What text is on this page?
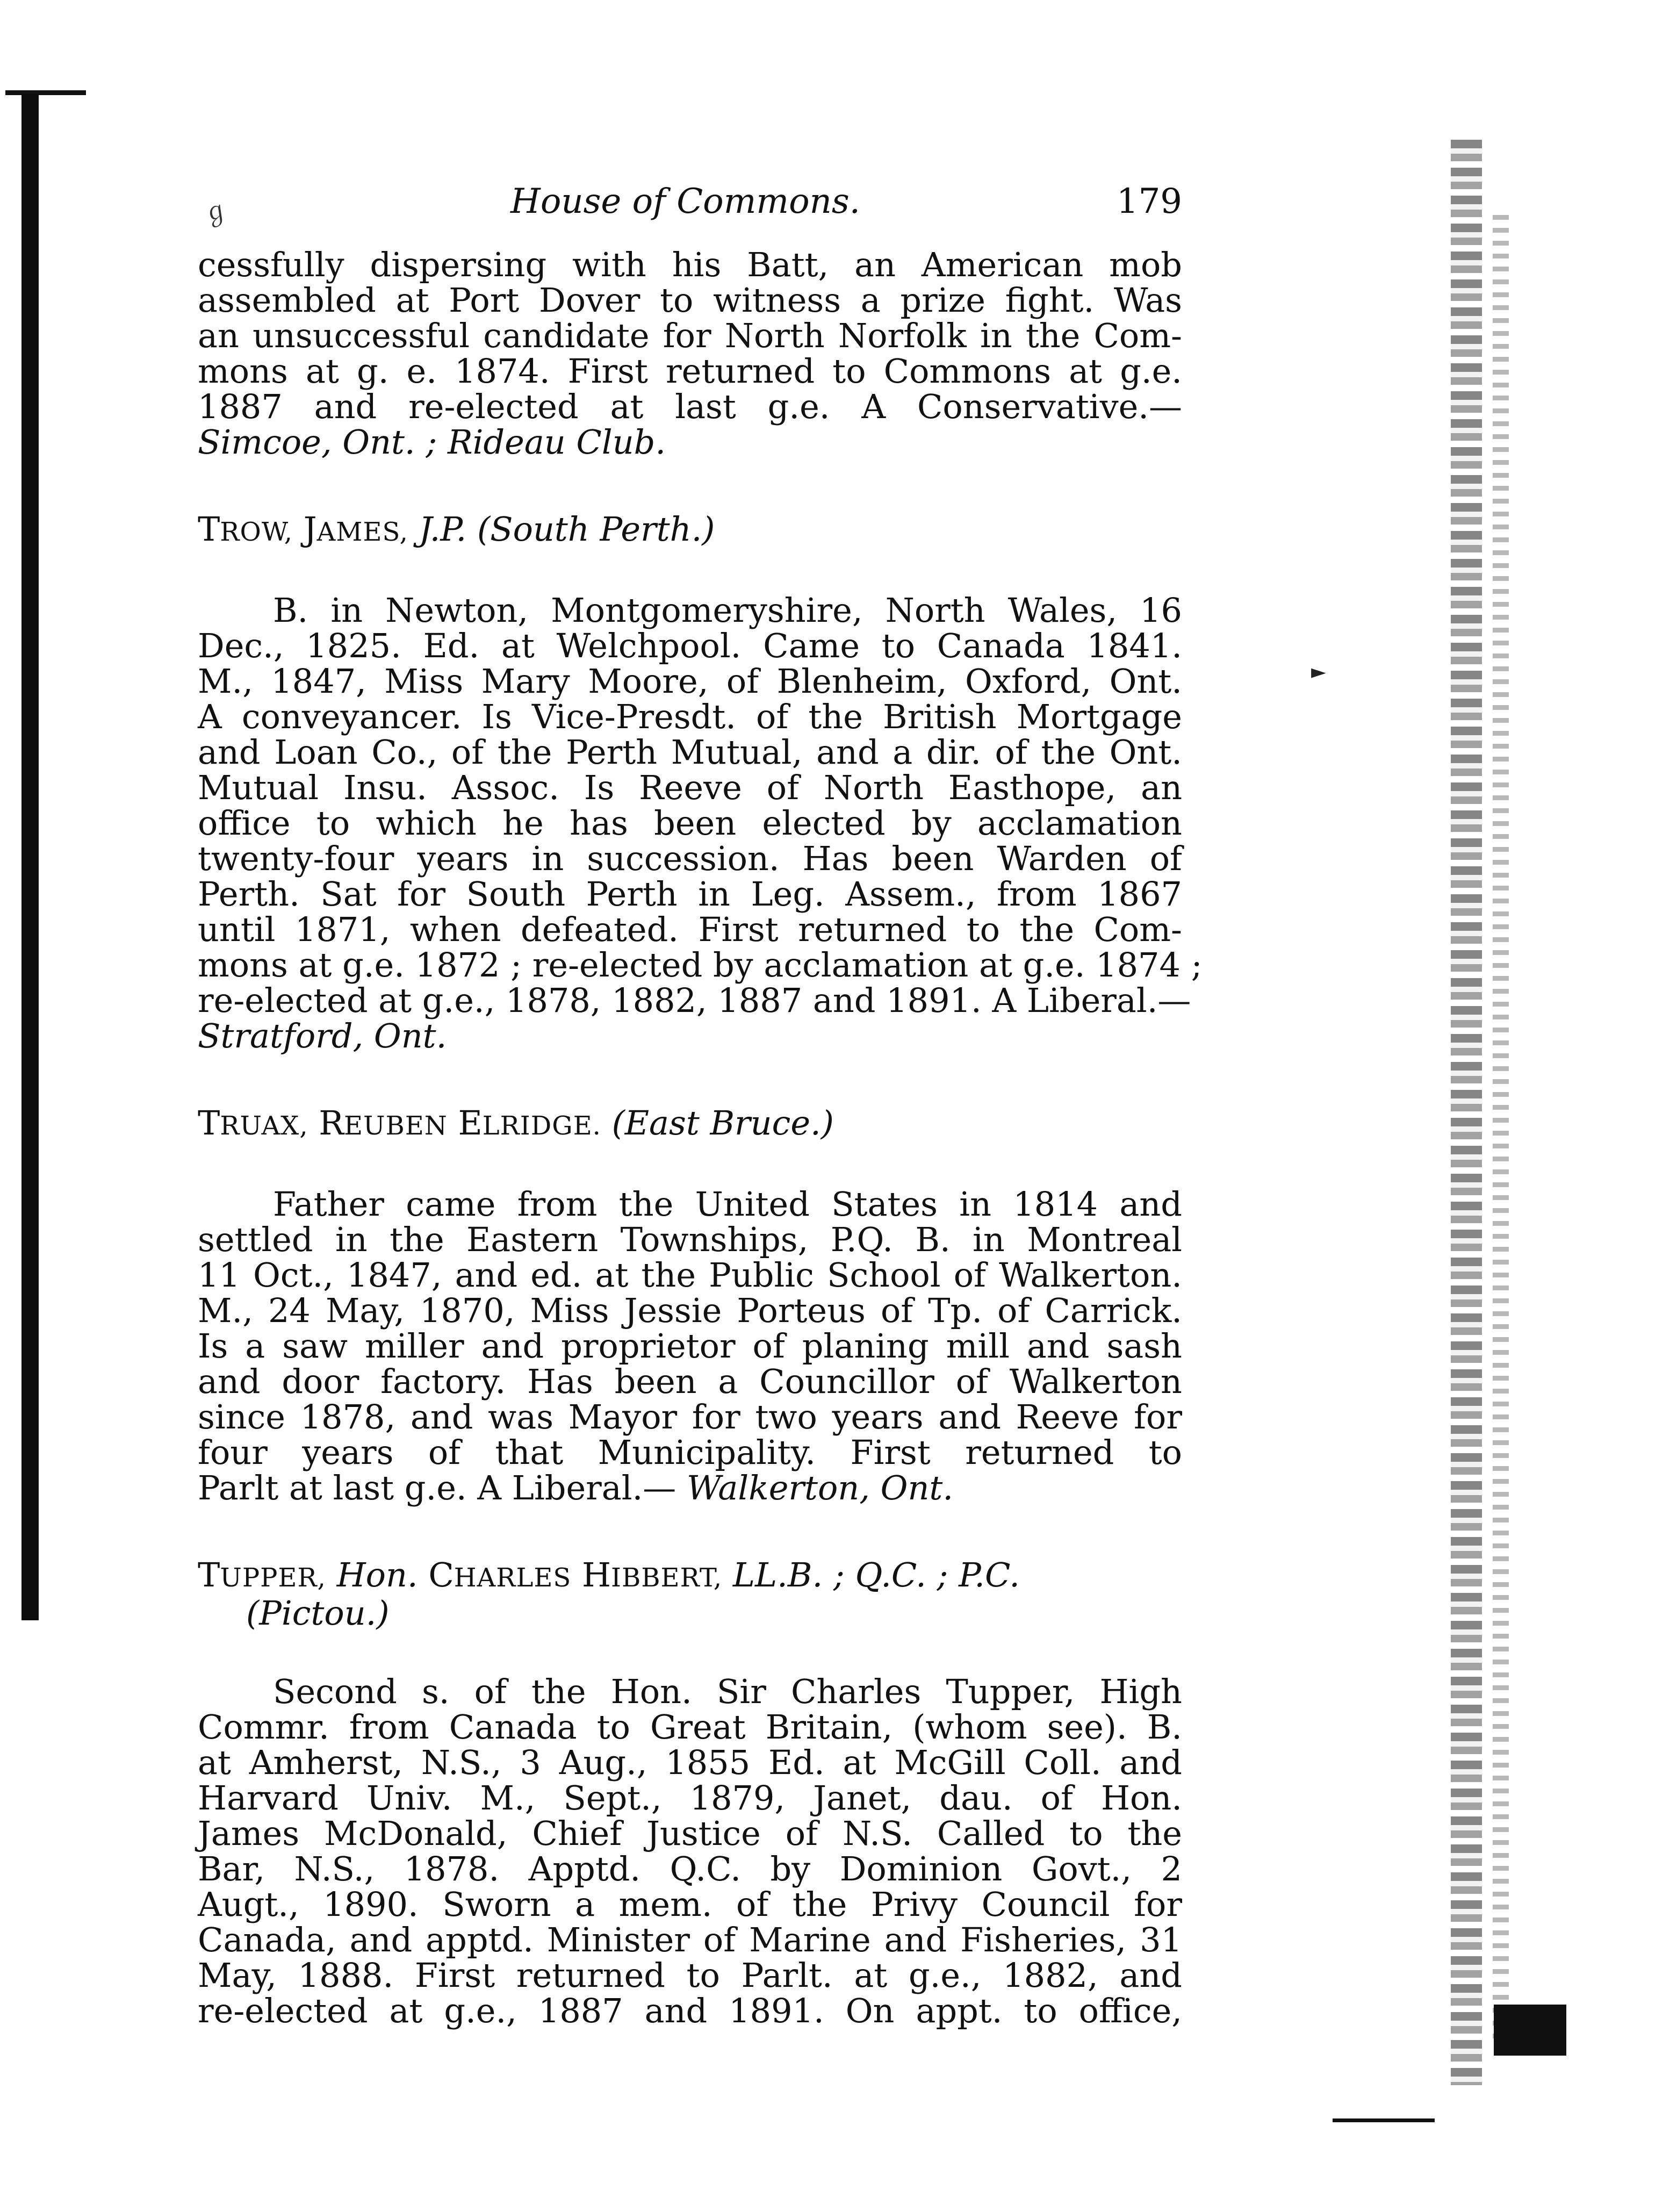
►
ℊ	House of Commons.	179
cessfully dispersing with his Batt, an American mob
assembled at Port Dover to witness a prize fight. Was
an unsuccessful candidate for North Norfolk in the Com-
mons at g. e. 1874. First returned to Commons at g.e.
1887 and re-elected at last g.e. A Conservative.—
Simcoe, Ont. ; Rideau Club.
TROW, JAMES, J.P. (South Perth.)
B. in Newton, Montgomeryshire, North Wales, 16
Dec., 1825. Ed. at Welchpool. Came to Canada 1841.
M., 1847, Miss Mary Moore, of Blenheim, Oxford, Ont.
A conveyancer. Is Vice-Presdt. of the British Mortgage
and Loan Co., of the Perth Mutual, and a dir. of the Ont.
Mutual Insu. Assoc. Is Reeve of North Easthope, an
office to which he has been elected by acclamation
twenty-four years in succession. Has been Warden of
Perth. Sat for South Perth in Leg. Assem., from 1867
until 1871, when defeated. First returned to the Com-
mons at g.e. 1872 ; re-elected by acclamation at g.e. 1874 ;
re-elected at g.e., 1878, 1882, 1887 and 1891. A Liberal.—
Stratford, Ont.
TRUAX, REUBEN ELRIDGE. (East Bruce.)
Father came from the United States in 1814 and
settled in the Eastern Townships, P.Q. B. in Montreal
11 Oct., 1847, and ed. at the Public School of Walkerton.
M., 24 May, 1870, Miss Jessie Porteus of Tp. of Carrick.
Is a saw miller and proprietor of planing mill and sash
and door factory. Has been a Councillor of Walkerton
since 1878, and was Mayor for two years and Reeve for
four years of that Municipality. First returned to
Parlt at last g.e. A Liberal.— Walkerton, Ont.
TUPPER, Hon. CHARLES HIBBERT, LL.B. ; Q.C. ; P.C.
(Pictou.)
Second s. of the Hon. Sir Charles Tupper, High
Commr. from Canada to Great Britain, (whom see). B.
at Amherst, N.S., 3 Aug., 1855 Ed. at McGill Coll. and
Harvard Univ. M., Sept., 1879, Janet, dau. of Hon.
James McDonald, Chief Justice of N.S. Called to the
Bar, N.S., 1878. Apptd. Q.C. by Dominion Govt., 2
Augt., 1890. Sworn a mem. of the Privy Council for
Canada, and apptd. Minister of Marine and Fisheries, 31
May, 1888. First returned to Parlt. at g.e., 1882, and
re-elected at g.e., 1887 and 1891. On appt. to office,
